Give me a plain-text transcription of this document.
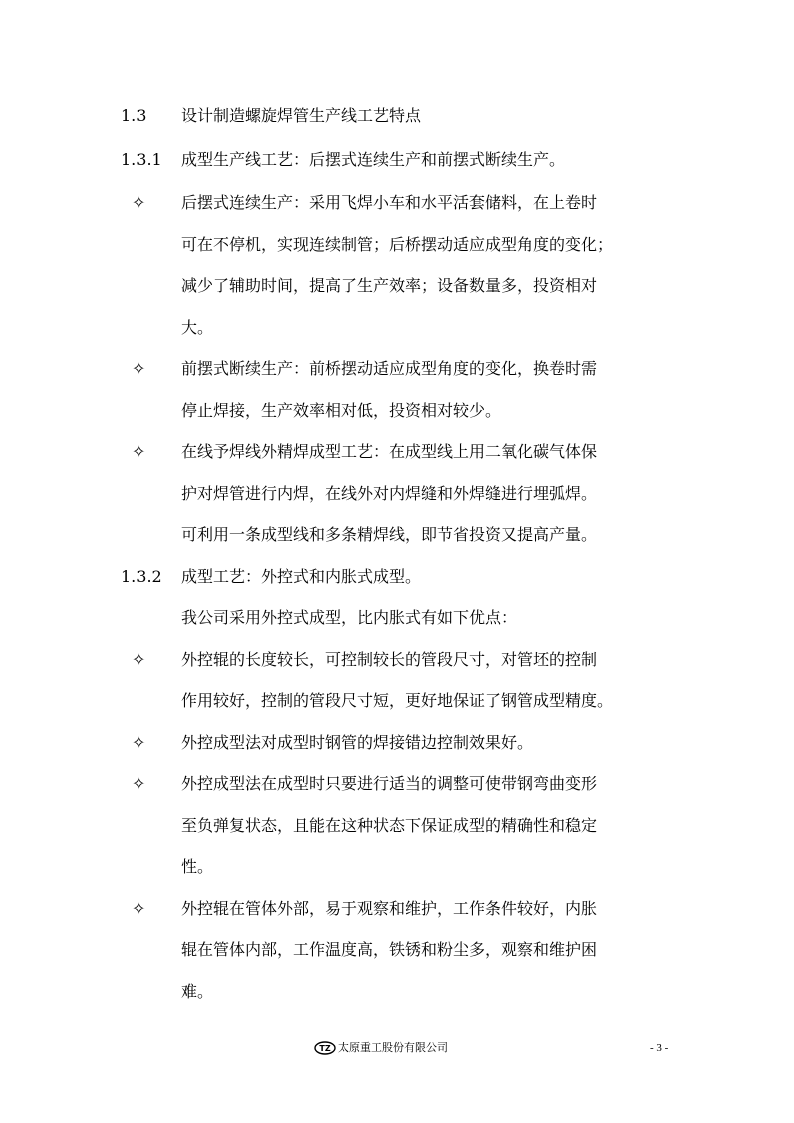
1.3 设计制造螺旋焊管生产线工艺特点
1.3.1 成型生产线工艺：后摆式连续生产和前摆式断续生产。
1.3.2 成型工艺：外控式和内胀式成型。
✧
✧
✧
✧
✧
✧
✧
后摆式连续生产：采用飞焊小车和水平活套储料，在上卷时
可在不停机，实现连续制管；后桥摆动适应成型角度的变化；
减少了辅助时间，提高了生产效率；设备数量多，投资相对
大。
前摆式断续生产：前桥摆动适应成型角度的变化，换卷时需
停止焊接，生产效率相对低，投资相对较少。
在线予焊线外精焊成型工艺：在成型线上用二氧化碳气体保
护对焊管进行内焊，在线外对内焊缝和外焊缝进行埋弧焊。
可利用一条成型线和多条精焊线，即节省投资又提高产量。
我公司采用外控式成型，比内胀式有如下优点：
外控辊的长度较长，可控制较长的管段尺寸，对管坯的控制
作用较好，控制的管段尺寸短，更好地保证了钢管成型精度。
外控成型法对成型时钢管的焊接错边控制效果好。
外控成型法在成型时只要进行适当的调整可使带钢弯曲变形
至负弹复状态，且能在这种状态下保证成型的精确性和稳定
性。
外控辊在管体外部，易于观察和维护，工作条件较好，内胀
辊在管体内部，工作温度高，铁锈和粉尘多，观察和维护困
难。
TZ 太原重工股份有限公司	- 3 -
